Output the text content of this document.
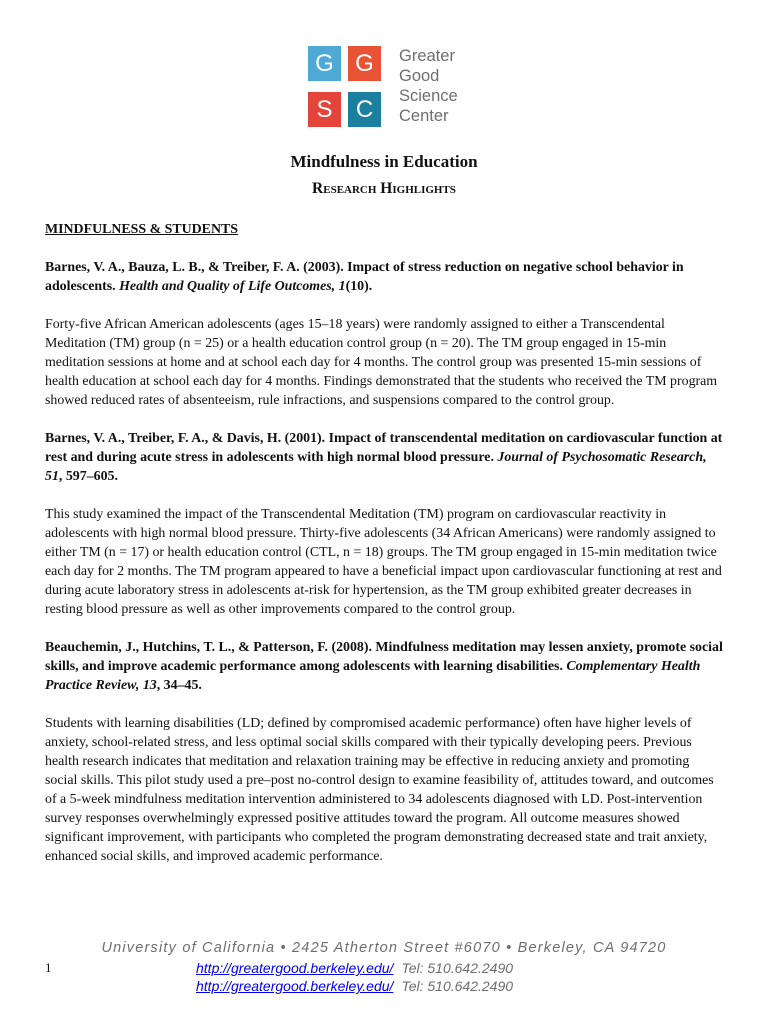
G G
S C
Greater
Good
Science
Center
Mindfulness in Education
Research Highlights
MINDFULNESS & STUDENTS
Barnes, V. A., Bauza, L. B., & Treiber, F. A. (2003). Impact of stress reduction on negative school behavior in adolescents. Health and Quality of Life Outcomes, 1(10).
Forty-five African American adolescents (ages 15–18 years) were randomly assigned to either a Transcendental Meditation (TM) group (n = 25) or a health education control group (n = 20). The TM group engaged in 15-min meditation sessions at home and at school each day for 4 months. The control group was presented 15-min sessions of health education at school each day for 4 months. Findings demonstrated that the students who received the TM program showed reduced rates of absenteeism, rule infractions, and suspensions compared to the control group.
Barnes, V. A., Treiber, F. A., & Davis, H. (2001). Impact of transcendental meditation on cardiovascular function at rest and during acute stress in adolescents with high normal blood pressure. Journal of Psychosomatic Research, 51, 597–605.
This study examined the impact of the Transcendental Meditation (TM) program on cardiovascular reactivity in adolescents with high normal blood pressure. Thirty-five adolescents (34 African Americans) were randomly assigned to either TM (n = 17) or health education control (CTL, n = 18) groups. The TM group engaged in 15-min meditation twice each day for 2 months. The TM program appeared to have a beneficial impact upon cardiovascular functioning at rest and during acute laboratory stress in adolescents at-risk for hypertension, as the TM group exhibited greater decreases in resting blood pressure as well as other improvements compared to the control group.
Beauchemin, J., Hutchins, T. L., & Patterson, F. (2008). Mindfulness meditation may lessen anxiety, promote social skills, and improve academic performance among adolescents with learning disabilities. Complementary Health Practice Review, 13, 34–45.
Students with learning disabilities (LD; defined by compromised academic performance) often have higher levels of anxiety, school-related stress, and less optimal social skills compared with their typically developing peers. Previous health research indicates that meditation and relaxation training may be effective in reducing anxiety and promoting social skills. This pilot study used a pre–post no-control design to examine feasibility of, attitudes toward, and outcomes of a 5-week mindfulness meditation intervention administered to 34 adolescents diagnosed with LD. Post-intervention survey responses overwhelmingly expressed positive attitudes toward the program. All outcome measures showed significant improvement, with participants who completed the program demonstrating decreased state and trait anxiety, enhanced social skills, and improved academic performance.
University of California • 2425 Atherton Street #6070 • Berkeley, CA 94720
1	http://greatergood.berkeley.edu/ Tel: 510.642.2490
http://greatergood.berkeley.edu/ Tel: 510.642.2490
